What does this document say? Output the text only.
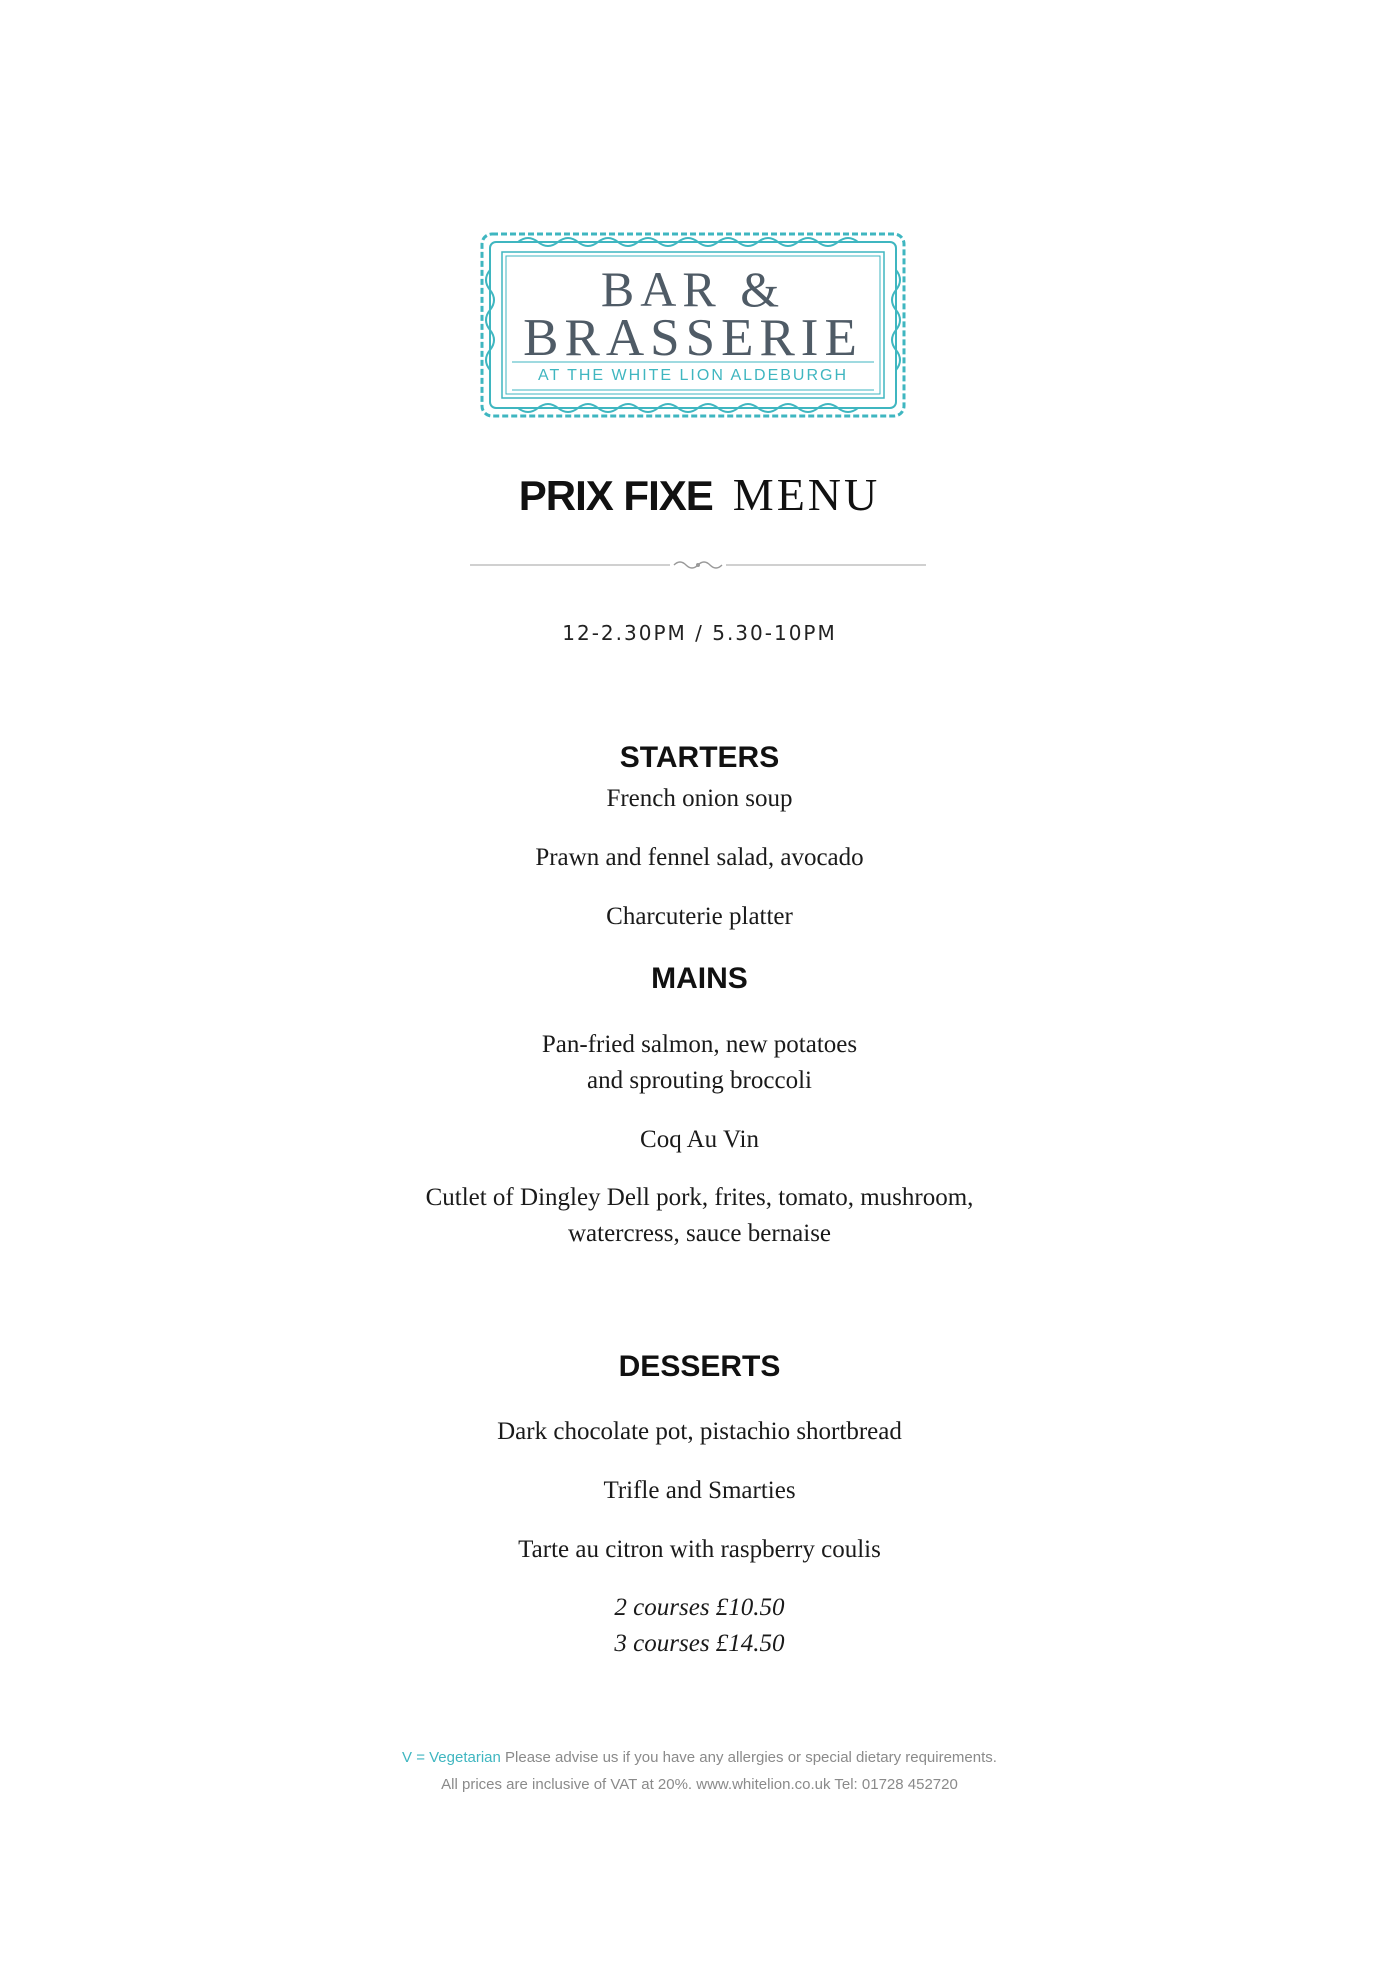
BAR &
BRASSERIE
AT THE WHITE LION ALDEBURGH
PRIX FIXE MENU
12-2.30PM / 5.30-10PM
STARTERS
French onion soup
Prawn and fennel salad, avocado
Charcuterie platter
MAINS
Pan-fried salmon, new potatoes
and sprouting broccoli
Coq Au Vin
Cutlet of Dingley Dell pork, frites, tomato, mushroom,
watercress, sauce bernaise
DESSERTS
Dark chocolate pot, pistachio shortbread
Trifle and Smarties
Tarte au citron with raspberry coulis
2 courses £10.50
3 courses £14.50
V = Vegetarian Please advise us if you have any allergies or special dietary requirements.
All prices are inclusive of VAT at 20%. www.whitelion.co.uk Tel: 01728 452720
